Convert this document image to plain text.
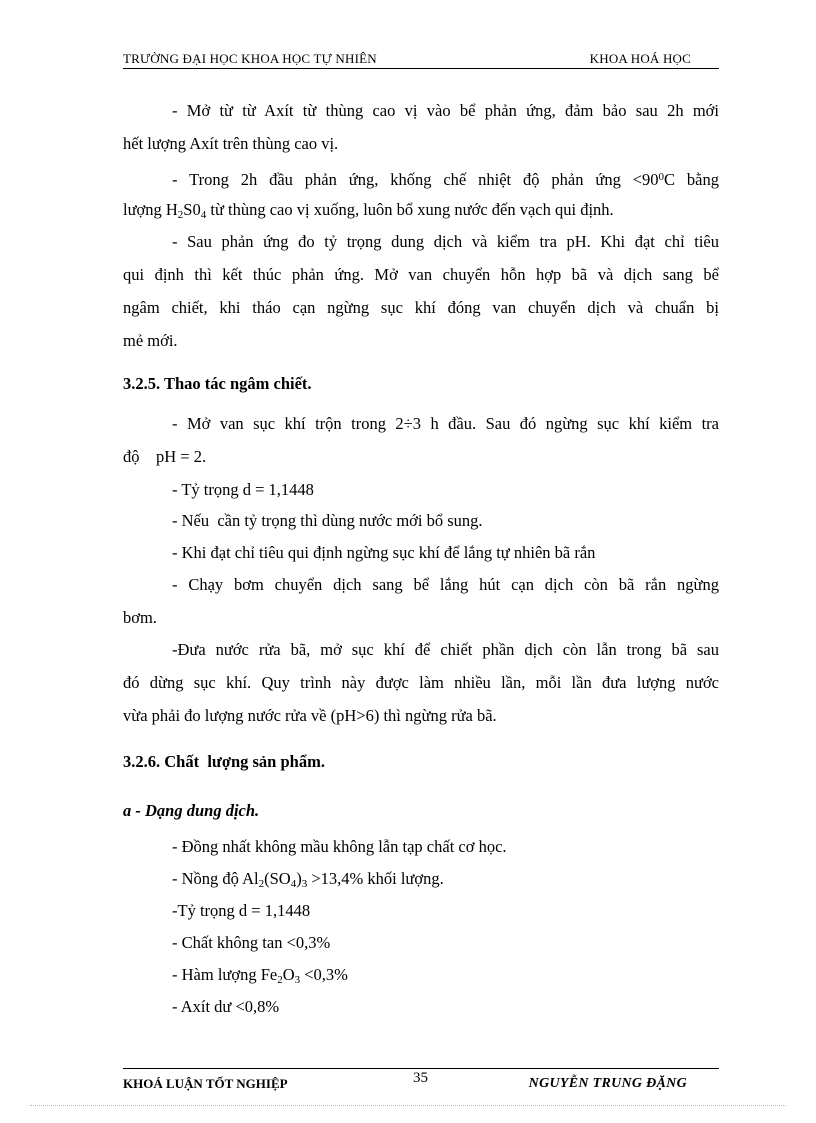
TRƯỜNG ĐẠI HỌC KHOA HỌC TỰ NHIÊN	KHOA HOÁ HỌC
- Mở từ từ Axít từ thùng cao vị vào bể phản ứng, đảm bảo sau 2h mới
hết lượng Axít trên thùng cao vị.
- Trong 2h đầu phản ứng, khống chế nhiệt độ phản ứng $<90^0C$ bằng
lượng $H_2S0_4$ từ thùng cao vị xuống, luôn bổ xung nước đến vạch qui định.
- Sau phản ứng đo tỷ trọng dung dịch và kiểm tra pH. Khi đạt chỉ tiêu
qui định thì kết thúc phản ứng. Mở van chuyển hỗn hợp bã và dịch sang bể
ngâm chiết, khi tháo cạn ngừng sục khí đóng van chuyển dịch và chuẩn bị
mẻ mới.
3.2.5. Thao tác ngâm chiết.
- Mở van sục khí trộn trong 2÷3 h đầu. Sau đó ngừng sục khí kiểm tra
độ    pH = 2.
- Tỷ trọng d = 1,1448
- Nếu  cần tỷ trọng thì dùng nước mới bổ sung.
- Khi đạt chỉ tiêu qui định ngừng sục khí để lắng tự nhiên bã rắn
- Chạy bơm chuyển dịch sang bể lắng hút cạn dịch còn bã rắn ngừng
bơm.
-Đưa nước rửa bã, mở sục khí để chiết phần dịch còn lẫn trong bã sau
đó dừng sục khí. Quy trình này được làm nhiều lần, mỗi lần đưa lượng nước
vừa phải đo lượng nước rửa về (pH>6) thì ngừng rửa bã.
3.2.6. Chất  lượng sản phẩm.
a - Dạng dung dịch.
- Đồng nhất không mầu không lẫn tạp chất cơ học.
- Nồng độ $Al_2(SO_4)_3 >13,4\%$ khối lượng.
-Tỷ trọng d = 1,1448
- Chất không tan <0,3%
- Hàm lượng $Fe_2O_3 <0,3\%$
- Axít dư <0,8%
KHOÁ LUẬN TỐT NGHIỆP	35	NGUYỄN TRUNG ĐẶNG
